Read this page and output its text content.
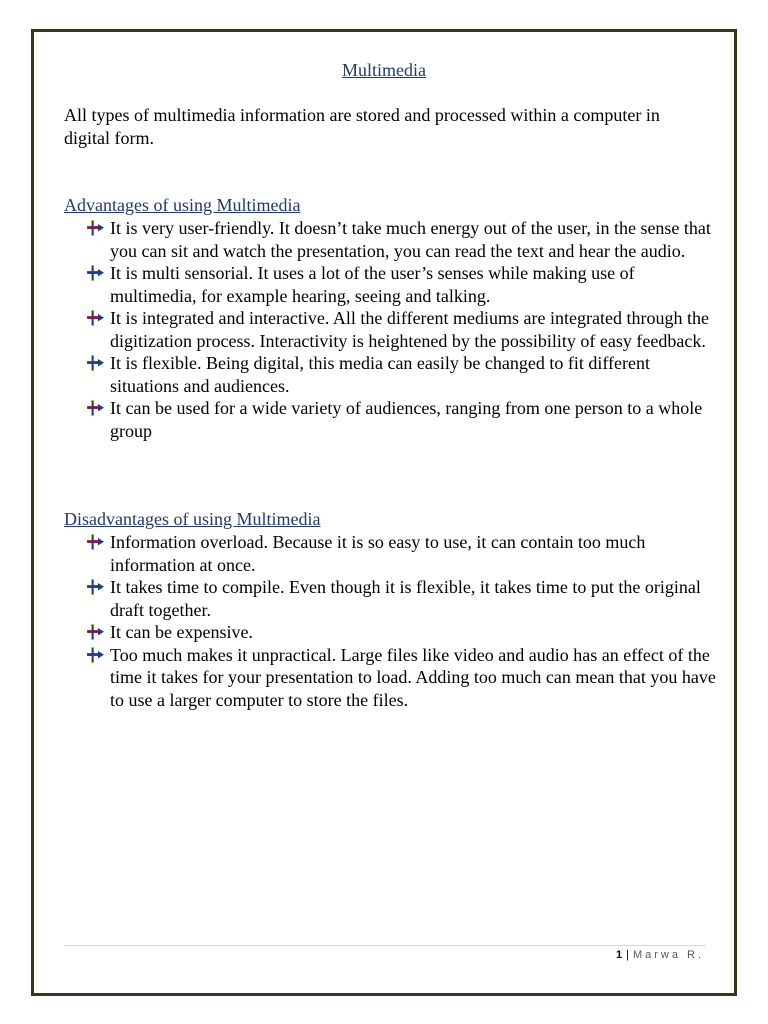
Multimedia
All types of multimedia information are stored and processed within a computer in digital form.
Advantages of using Multimedia
It is very user-friendly. It doesn’t take much energy out of the user, in the sense that you can sit and watch the presentation, you can read the text and hear the audio.
It is multi sensorial. It uses a lot of the user’s senses while making use of multimedia, for example hearing, seeing and talking.
It is integrated and interactive. All the different mediums are integrated through the digitization process. Interactivity is heightened by the possibility of easy feedback.
It is flexible. Being digital, this media can easily be changed to fit different situations and audiences.
It can be used for a wide variety of audiences, ranging from one person to a whole group
Disadvantages of using Multimedia
Information overload. Because it is so easy to use, it can contain too much information at once.
It takes time to compile. Even though it is flexible, it takes time to put the original draft together.
It can be expensive.
Too much makes it unpractical. Large files like video and audio has an effect of the time it takes for your presentation to load. Adding too much can mean that you have to use a larger computer to store the files.
1 | Marwa R.
